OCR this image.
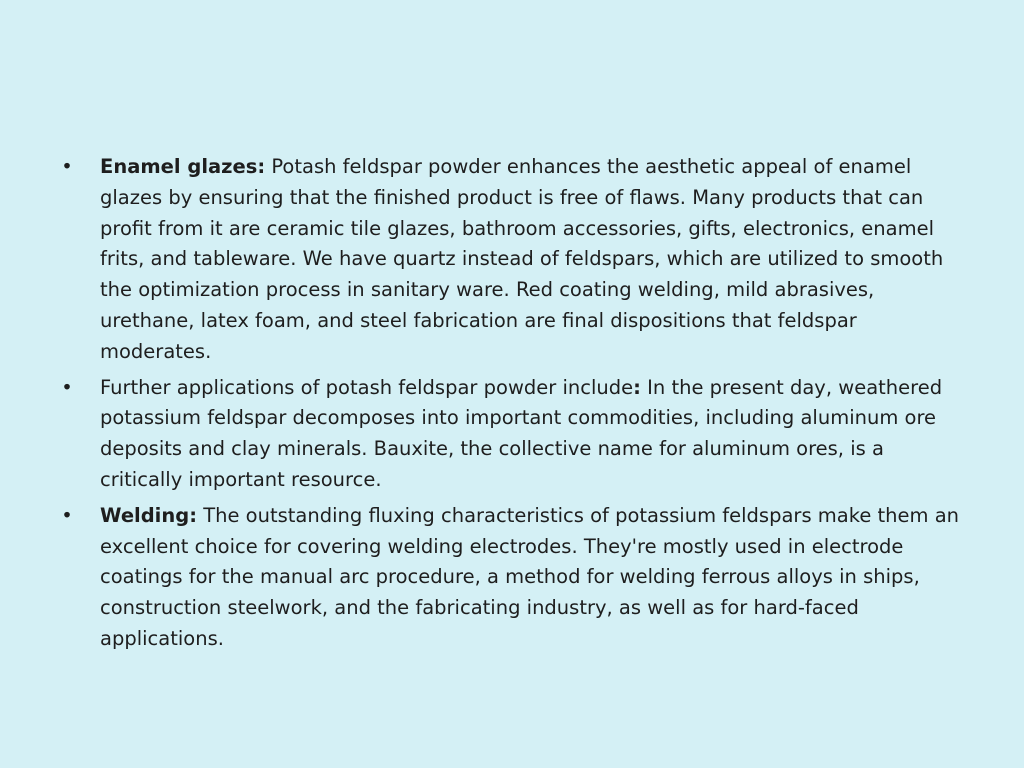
• Enamel glazes: Potash feldspar powder enhances the aesthetic appeal of enamel glazes by ensuring that the finished product is free of flaws. Many products that can profit from it are ceramic tile glazes, bathroom accessories, gifts, electronics, enamel frits, and tableware. We have quartz instead of feldspars, which are utilized to smooth the optimization process in sanitary ware. Red coating welding, mild abrasives, urethane, latex foam, and steel fabrication are final dispositions that feldspar moderates.
• Further applications of potash feldspar powder include: In the present day, weathered potassium feldspar decomposes into important commodities, including aluminum ore deposits and clay minerals. Bauxite, the collective name for aluminum ores, is a critically important resource.
• Welding: The outstanding fluxing characteristics of potassium feldspars make them an excellent choice for covering welding electrodes. They're mostly used in electrode coatings for the manual arc procedure, a method for welding ferrous alloys in ships, construction steelwork, and the fabricating industry, as well as for hard-faced applications.
